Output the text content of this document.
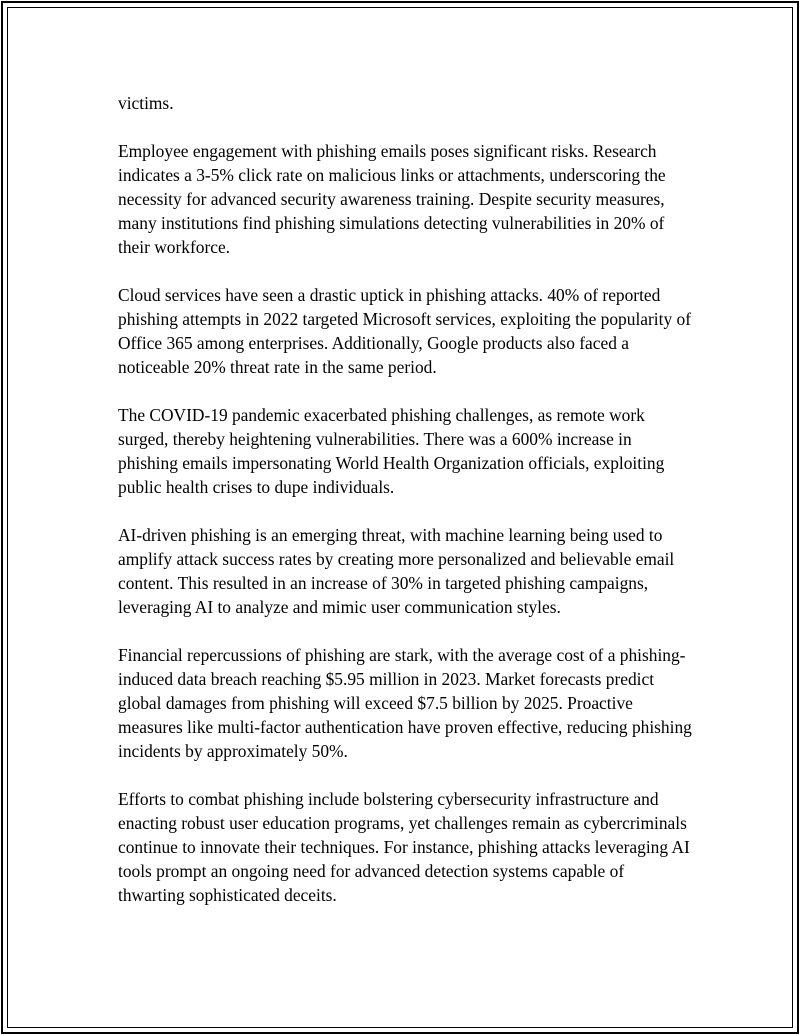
victims.

Employee engagement with phishing emails poses significant risks. Research indicates a 3-5% click rate on malicious links or attachments, underscoring the necessity for advanced security awareness training. Despite security measures, many institutions find phishing simulations detecting vulnerabilities in 20% of their workforce.

Cloud services have seen a drastic uptick in phishing attacks. 40% of reported phishing attempts in 2022 targeted Microsoft services, exploiting the popularity of Office 365 among enterprises. Additionally, Google products also faced a noticeable 20% threat rate in the same period.

The COVID-19 pandemic exacerbated phishing challenges, as remote work surged, thereby heightening vulnerabilities. There was a 600% increase in phishing emails impersonating World Health Organization officials, exploiting public health crises to dupe individuals.

AI-driven phishing is an emerging threat, with machine learning being used to amplify attack success rates by creating more personalized and believable email content. This resulted in an increase of 30% in targeted phishing campaigns, leveraging AI to analyze and mimic user communication styles.

Financial repercussions of phishing are stark, with the average cost of a phishing-induced data breach reaching $5.95 million in 2023. Market forecasts predict global damages from phishing will exceed $7.5 billion by 2025. Proactive measures like multi-factor authentication have proven effective, reducing phishing incidents by approximately 50%.

Efforts to combat phishing include bolstering cybersecurity infrastructure and enacting robust user education programs, yet challenges remain as cybercriminals continue to innovate their techniques. For instance, phishing attacks leveraging AI tools prompt an ongoing need for advanced detection systems capable of thwarting sophisticated deceits.
